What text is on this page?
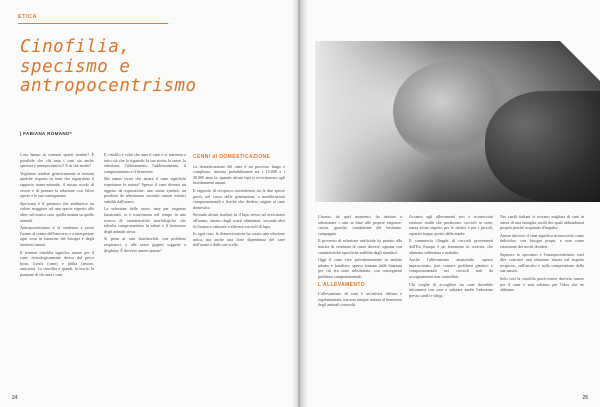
ETICA
Cinofilia,
specismo e
antropocentrismo
| FABIANA ROMANO*

Cosa hanno in comune questi termini? È possibile che chi ama i cani sia anche specista e antropocentrico? E in che modo?

Vogliamo rendere genericamente ai termini qualche risposta su temi che riguardano il rapporto uomo-animale, il nostro modo di vivere e di pensare la relazione con l'altro specie e le sue conseguenze.

Specismo è il pensiero che attribuisce un valore maggiore ad una specie rispetto alle altre; nel nostro caso, quella umana su quelle animali.

Antropocentrismo è la tendenza a porre l'uomo al centro dell'universo e a interpretare ogni cosa in funzione dei bisogni e degli interessi umani.

Il termine cinofilia significa amore per il cane: etimologicamente deriva dal greco kyon, kynós (cane) e philía (amore, amicizia). La cinofilia è quindi, in teoria, la passione di chi ama i cani.

Il cinofilo è colui che ama il cane e si interessa a tutto ciò che lo riguarda: la sua storia, le razze, la selezione, l'allevamento, l'addestramento, il comportamento e il benessere.

Ma siamo sicuri che amare il cane significhi rispettarne la natura? Spesso il cane diventa un oggetto da esposizione, uno status symbol, un prodotto da selezionare secondo canoni estetici stabiliti dall'uomo.

La selezione delle razze, nata per esigenze funzionali, si è trasformata nel tempo in una ricerca di caratteristiche morfologiche che talvolta compromettono la salute e il benessere degli animali stessi.

Si pensi ai cani brachicefali, con problemi respiratori, o alle razze giganti soggette a displasia. È davvero amore questo?

CENNI di DOMESTICAZIONE

La domesticazione del cane è un processo lungo e complesso, iniziato probabilmente tra i 15.000 e i 30.000 anni fa, quando alcuni lupi si avvicinarono agli insediamenti umani.

Il rapporto di reciproca convenienza tra le due specie portò, nel corso delle generazioni, a modificazioni comportamentali e fisiche che diedero origine al cane domestico.

Secondo alcuni studiosi fu il lupo stesso ad avvicinarsi all'uomo, attratto dagli scarti alimentari; secondo altri fu l'uomo a catturare e allevare cuccioli di lupo.

In ogni caso, la domesticazione ha creato una relazione unica, ma anche una forte dipendenza del cane dall'uomo e dalle sue scelte.

24

L'uomo, da quel momento, ha iniziato a selezionare i cani in base alle proprie esigenze: caccia, guardia, conduzione del bestiame, compagnia.

Il processo di selezione artificiale ha portato alla nascita di centinaia di razze diverse, ognuna con caratteristiche specifiche stabilite dagli standard.

Oggi il cane vive prevalentemente in ambito urbano e familiare, spesso lontano dalle funzioni per cui era stato selezionato, con conseguenti problemi comportamentali.

L'ALLEVAMENTO

L'allevamento di cani è un'attività diffusa e regolamentata, ma non sempre attenta al benessere degli animali coinvolti.

Accanto agli allevamenti seri e riconosciuti esistono realtà che producono cuccioli in serie, senza alcun rispetto per le fattrici e per i piccoli, separati troppo presto dalla madre.

Il commercio illegale di cuccioli provenienti dall'Est Europa è un fenomeno in crescita, che alimenta sofferenza e malattie.

Anche l'allevamento amatoriale, spesso improvvisato, può causare problemi genetici e comportamentali nei cuccioli nati da accoppiamenti non controllati.

Chi sceglie di accogliere un cane dovrebbe informarsi con cura e valutare anche l'adozione presso canili e rifugi.

Nei canili italiani si trovano migliaia di cani in attesa di una famiglia, molti dei quali abbandonati proprio perché acquistati d'impulso.

Amare davvero il cane significa riconoscerlo come individuo, con bisogni propri, e non come estensione dei nostri desideri.

Superare lo specismo e l'antropocentrismo vuol dire costruire una relazione basata sul rispetto reciproco, sull'ascolto e sulla comprensione della sua natura.

Solo così la cinofilia potrà essere davvero amore per il cane e non soltanto per l'idea che ne abbiamo.

25
